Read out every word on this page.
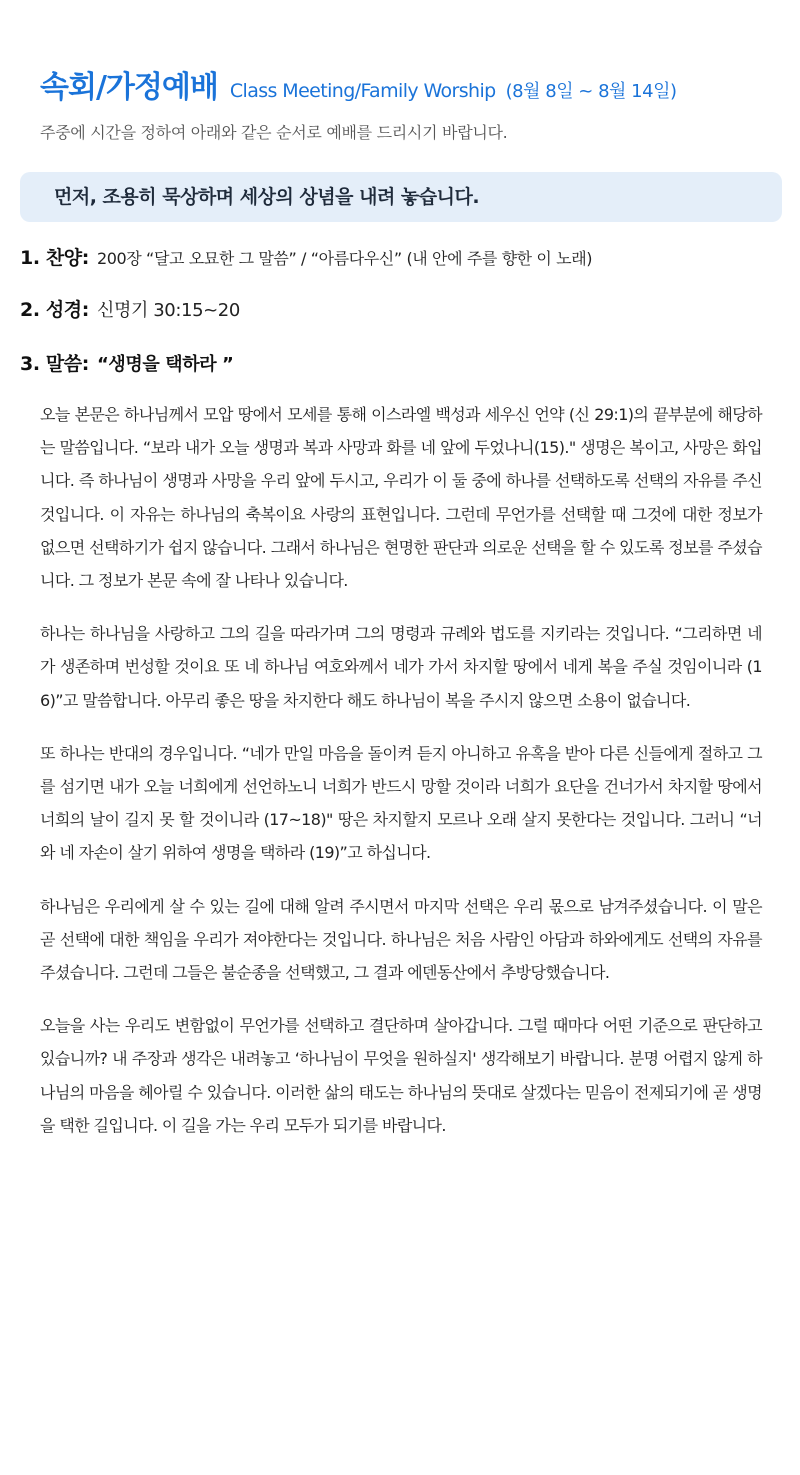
속회/가정예배 Class Meeting/Family Worship (8월 8일 ~ 8월 14일)
주중에 시간을 정하여 아래와 같은 순서로 예배를 드리시기 바랍니다.
먼저, 조용히 묵상하며 세상의 상념을 내려 놓습니다.
1. 찬양: 200장 “달고 오묘한 그 말씀” / “아름다우신” (내 안에 주를 향한 이 노래)
2. 성경: 신명기 30:15~20
3. 말씀: “생명을 택하라 ”

오늘 본문은 하나님께서 모압 땅에서 모세를 통해 이스라엘 백성과 세우신 언약 (신 29:1)의 끝부분에 해당하는 말씀입니다. “보라 내가 오늘 생명과 복과 사망과 화를 네 앞에 두었나니(15)." 생명은 복이고, 사망은 화입니다. 즉 하나님이 생명과 사망을 우리 앞에 두시고, 우리가 이 둘 중에 하나를 선택하도록 선택의 자유를 주신 것입니다. 이 자유는 하나님의 축복이요 사랑의 표현입니다. 그런데 무언가를 선택할 때 그것에 대한 정보가 없으면 선택하기가 쉽지 않습니다. 그래서 하나님은 현명한 판단과 의로운 선택을 할 수 있도록 정보를 주셨습니다. 그 정보가 본문 속에 잘 나타나 있습니다.

하나는 하나님을 사랑하고 그의 길을 따라가며 그의 명령과 규례와 법도를 지키라는 것입니다. “그리하면 네가 생존하며 번성할 것이요 또 네 하나님 여호와께서 네가 가서 차지할 땅에서 네게 복을 주실 것임이니라 (16)”고 말씀합니다. 아무리 좋은 땅을 차지한다 해도 하나님이 복을 주시지 않으면 소용이 없습니다.

또 하나는 반대의 경우입니다. “네가 만일 마음을 돌이켜 듣지 아니하고 유혹을 받아 다른 신들에게 절하고 그를 섬기면 내가 오늘 너희에게 선언하노니 너희가 반드시 망할 것이라 너희가 요단을 건너가서 차지할 땅에서 너희의 날이 길지 못 할 것이니라 (17~18)" 땅은 차지할지 모르나 오래 살지 못한다는 것입니다. 그러니 “너와 네 자손이 살기 위하여 생명을 택하라 (19)”고 하십니다.

하나님은 우리에게 살 수 있는 길에 대해 알려 주시면서 마지막 선택은 우리 몫으로 남겨주셨습니다. 이 말은 곧 선택에 대한 책임을 우리가 져야한다는 것입니다. 하나님은 처음 사람인 아담과 하와에게도 선택의 자유를 주셨습니다. 그런데 그들은 불순종을 선택했고, 그 결과 에덴동산에서 추방당했습니다.

오늘을 사는 우리도 변함없이 무언가를 선택하고 결단하며 살아갑니다. 그럴 때마다 어떤 기준으로 판단하고 있습니까? 내 주장과 생각은 내려놓고 ‘하나님이 무엇을 원하실지' 생각해보기 바랍니다. 분명 어렵지 않게 하나님의 마음을 헤아릴 수 있습니다. 이러한 삶의 태도는 하나님의 뜻대로 살겠다는 믿음이 전제되기에 곧 생명을 택한 길입니다. 이 길을 가는 우리 모두가 되기를 바랍니다.
